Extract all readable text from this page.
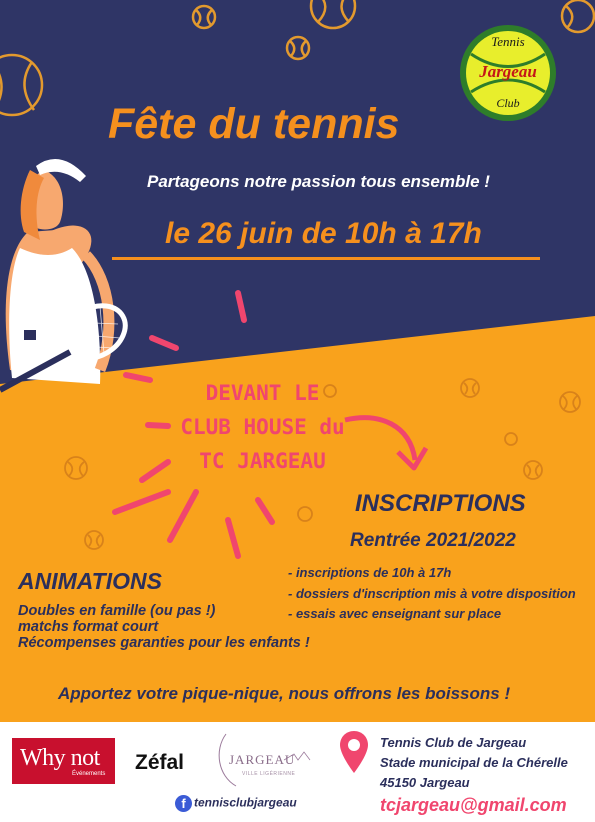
Tennis
Jargeau
Club
Fête du tennis
Partageons notre passion tous ensemble !
le 26 juin de 10h à 17h
DEVANT LE
CLUB HOUSE du
TC JARGEAU
INSCRIPTIONS
Rentrée 2021/2022
- inscriptions de 10h à 17h
- dossiers d'inscription mis à votre disposition
- essais avec enseignant sur place
ANIMATIONS
Doubles en famille (ou pas !)
matchs format court
Récompenses garanties pour les enfants !
Apportez votre pique-nique, nous offrons les boissons !
Why not
Événements Zéfal	JARGEAU
VILLE LIGÉRIENNE
f tennisclubjargeau
Tennis Club de Jargeau
Stade municipal de la Chérelle
45150 Jargeau
tcjargeau@gmail.com
